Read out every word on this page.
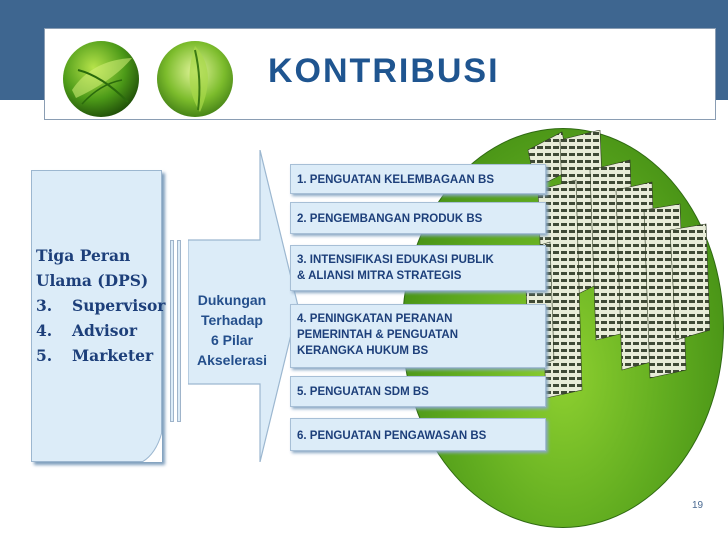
KONTRIBUSI
Tiga Peran
Ulama (DPS)
3. Supervisor
4. Advisor
5. Marketer
Dukungan
Terhadap
6 Pilar
Akselerasi
1. PENGUATAN KELEMBAGAAN BS
2. PENGEMBANGAN PRODUK BS
3. INTENSIFIKASI EDUKASI PUBLIK
& ALIANSI MITRA STRATEGIS
4. PENINGKATAN PERANAN
PEMERINTAH & PENGUATAN
KERANGKA HUKUM BS
5. PENGUATAN SDM BS
6. PENGUATAN PENGAWASAN BS
19
